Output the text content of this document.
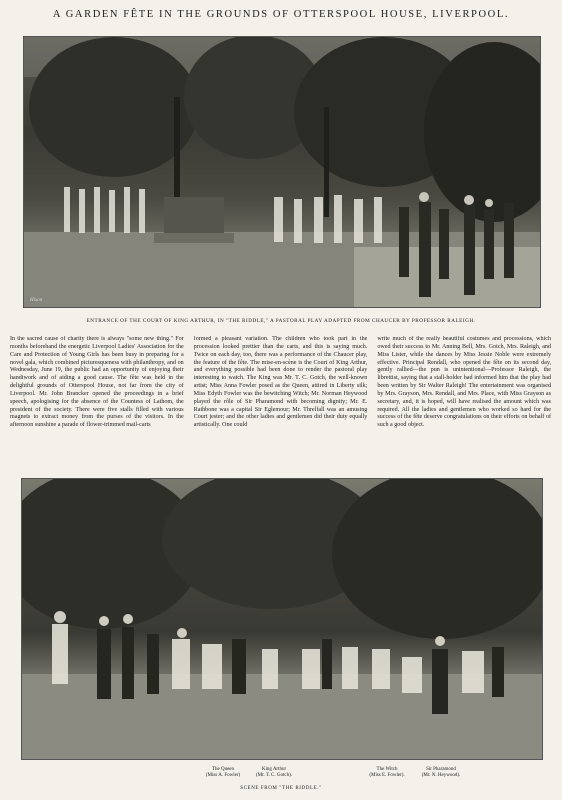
A GARDEN FÊTE IN THE GROUNDS OF OTTERSPOOL HOUSE, LIVERPOOL.
Hixon
ENTRANCE OF THE COURT OF KING ARTHUR, IN "THE RIDDLE," A PASTORAL PLAY ADAPTED FROM CHAUCER BY PROFESSOR RALEIGH.
In the sacred cause of charity there is always "some new thing." For months beforehand the energetic Liverpool Ladies' Association for the Care and Protection of Young Girls has been busy in preparing for a novel gala, which combined picturesqueness with philanthropy, and on Wednesday, June 19, the public had an opportunity of enjoying their handiwork and of aiding a good cause. The fête was held in the delightful grounds of Otterspool House, not far from the city of Liverpool. Mr. John Brancker opened the proceedings in a brief speech, apologising for the absence of the Countess of Lathom, the president of the society. There were five stalls filled with various magnets to extract money from the purses of the visitors. In the afternoon sunshine a parade of flower-trimmed mail-carts
formed a pleasant variation. The children who took part in the procession looked prettier than the carts, and this is saying much. Twice on each day, too, there was a performance of the Chaucer play, the feature of the fête. The mise-en-scène is the Court of King Arthur, and everything possible had been done to render the pastoral play interesting to watch. The King was Mr. T. C. Gotch, the well-known artist; Miss Anna Fowler posed as the Queen, attired in Liberty silk; Miss Edyth Fowler was the bewitching Witch; Mr. Norman Heywood played the rôle of Sir Pharamond with becoming dignity; Mr. E. Rathbone was a capital Sir Eglemour; Mr. Threlfall was an amusing Court jester; and the other ladies and gentlemen did their duty equally artistically. One could
write much of the really beautiful costumes and processions, which owed their success to Mr. Anning Bell, Mrs. Gotch, Mrs. Raleigh, and Miss Lister, while the dances by Miss Jessie Noble were extremely effective. Principal Rendall, who opened the fête on its second day, gently rallied—the pun is unintentional—Professor Raleigh, the librettist, saying that a stall-holder had informed him that the play had been written by Sir Walter Raleigh! The entertainment was organised by Mrs. Grayson, Mrs. Rendall, and Mrs. Place, with Miss Grayson as secretary, and, it is hoped, will have realised the amount which was required. All the ladies and gentlemen who worked so hard for the success of the fête deserve congratulations on their efforts on behalf of such a good object.
The Queen
(Miss A. Fowler)
King Arthur
(Mr. T. C. Gotch).
The Witch
(Miss E. Fowler).
Sir Pharamond
(Mr. N. Heywood).
SCENE FROM "THE RIDDLE."
